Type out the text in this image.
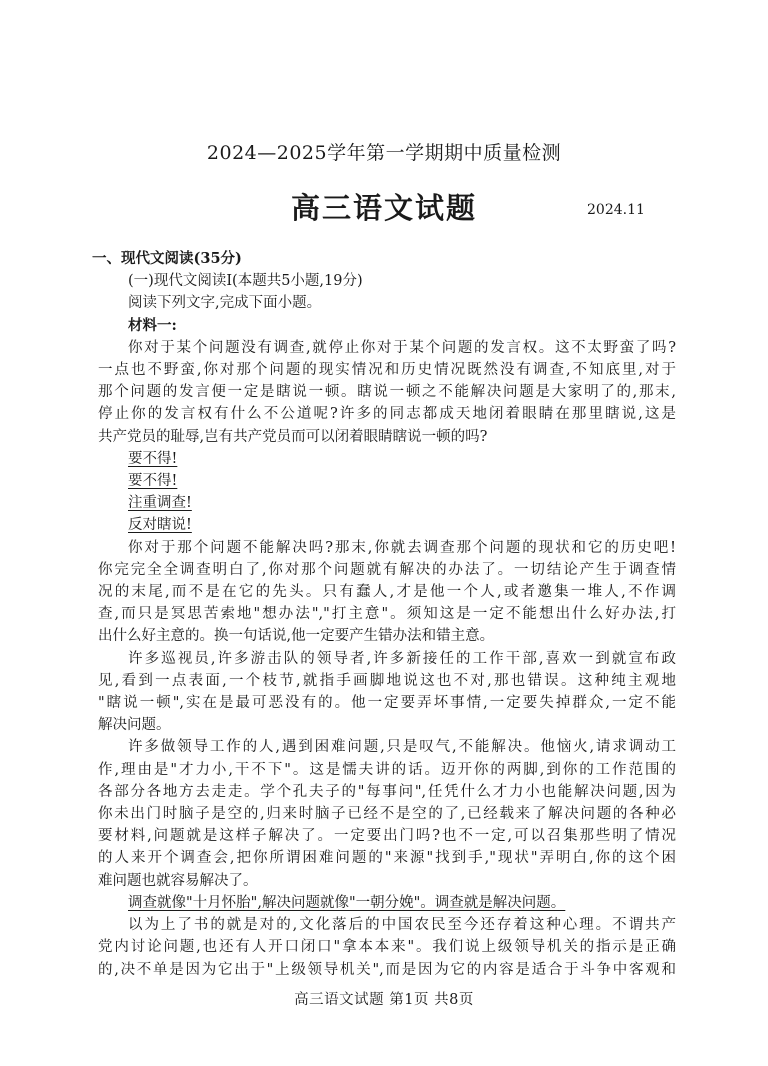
2024—2025学年第一学期期中质量检测
高三语文试题	2024.11
一、现代文阅读(35分)
(一)现代文阅读Ⅰ(本题共5小题,19分)
阅读下列文字,完成下面小题。
材料一:
你对于某个问题没有调查,就停止你对于某个问题的发言权。这不太野蛮了吗?
一点也不野蛮,你对那个问题的现实情况和历史情况既然没有调查,不知底里,对于
那个问题的发言便一定是瞎说一顿。瞎说一顿之不能解决问题是大家明了的,那末,
停止你的发言权有什么不公道呢?许多的同志都成天地闭着眼睛在那里瞎说,这是
共产党员的耻辱,岂有共产党员而可以闭着眼睛瞎说一顿的吗?
要不得!
要不得!
注重调查!
反对瞎说!
你对于那个问题不能解决吗?那末,你就去调查那个问题的现状和它的历史吧!
你完完全全调查明白了,你对那个问题就有解决的办法了。一切结论产生于调查情
况的末尾,而不是在它的先头。只有蠢人,才是他一个人,或者邀集一堆人,不作调
查,而只是冥思苦索地"想办法","打主意"。须知这是一定不能想出什么好办法,打
出什么好主意的。换一句话说,他一定要产生错办法和错主意。
许多巡视员,许多游击队的领导者,许多新接任的工作干部,喜欢一到就宣布政
见,看到一点表面,一个枝节,就指手画脚地说这也不对,那也错误。这种纯主观地
"瞎说一顿",实在是最可恶没有的。他一定要弄坏事情,一定要失掉群众,一定不能
解决问题。
许多做领导工作的人,遇到困难问题,只是叹气,不能解决。他恼火,请求调动工
作,理由是"才力小,干不下"。这是懦夫讲的话。迈开你的两脚,到你的工作范围的
各部分各地方去走走。学个孔夫子的"每事问",任凭什么才力小也能解决问题,因为
你未出门时脑子是空的,归来时脑子已经不是空的了,已经载来了解决问题的各种必
要材料,问题就是这样子解决了。一定要出门吗?也不一定,可以召集那些明了情况
的人来开个调查会,把你所谓困难问题的"来源"找到手,"现状"弄明白,你的这个困
难问题也就容易解决了。
调查就像"十月怀胎",解决问题就像"一朝分娩"。调查就是解决问题。
以为上了书的就是对的,文化落后的中国农民至今还存着这种心理。不谓共产
党内讨论问题,也还有人开口闭口"拿本本来"。我们说上级领导机关的指示是正确
的,决不单是因为它出于"上级领导机关",而是因为它的内容是适合于斗争中客观和
高三语文试题 第1页 共8页
